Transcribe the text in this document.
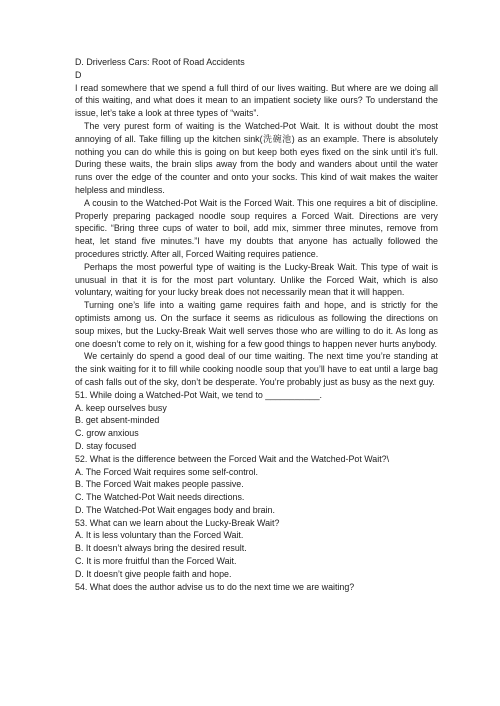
D. Driverless Cars: Root of Road Accidents

D

I read somewhere that we spend a full third of our lives waiting. But where are we doing all of this waiting, and what does it mean to an impatient society like ours? To understand the issue, let’s take a look at three types of “waits”.

The very purest form of waiting is the Watched-Pot Wait. It is without doubt the most annoying of all. Take filling up the kitchen sink(洗碗池) as an example. There is absolutely nothing you can do while this is going on but keep both eyes fixed on the sink until it’s full. During these waits, the brain slips away from the body and wanders about until the water runs over the edge of the counter and onto your socks. This kind of wait makes the waiter helpless and mindless.

A cousin to the Watched-Pot Wait is the Forced Wait. This one requires a bit of discipline. Properly preparing packaged noodle soup requires a Forced Wait. Directions are very specific. “Bring three cups of water to boil, add mix, simmer three minutes, remove from heat, let stand five minutes.”I have my doubts that anyone has actually followed the procedures strictly. After all, Forced Waiting requires patience.

Perhaps the most powerful type of waiting is the Lucky-Break Wait. This type of wait is unusual in that it is for the most part voluntary. Unlike the Forced Wait, which is also voluntary, waiting for your lucky break does not necessarily mean that it will happen.

Turning one’s life into a waiting game requires faith and hope, and is strictly for the optimists among us. On the surface it seems as ridiculous as following the directions on soup mixes, but the Lucky-Break Wait well serves those who are willing to do it. As long as one doesn’t come to rely on it, wishing for a few good things to happen never hurts anybody.

We certainly do spend a good deal of our time waiting. The next time you’re standing at the sink waiting for it to fill while cooking noodle soup that you’ll have to eat until a large bag of cash falls out of the sky, don’t be desperate. You’re probably just as busy as the next guy.

51. While doing a Watched-Pot Wait, we tend to ___________.

A. keep ourselves busy

B. get absent-minded

C. grow anxious

D. stay focused

52. What is the difference between the Forced Wait and the Watched-Pot Wait?\

A. The Forced Wait requires some self-control.

B. The Forced Wait makes people passive.

C. The Watched-Pot Wait needs directions.

D. The Watched-Pot Wait engages body and brain.

53. What can we learn about the Lucky-Break Wait?

A. It is less voluntary than the Forced Wait.

B. It doesn’t always bring the desired result.

C. It is more fruitful than the Forced Wait.

D. It doesn’t give people faith and hope.

54. What does the author advise us to do the next time we are waiting?
